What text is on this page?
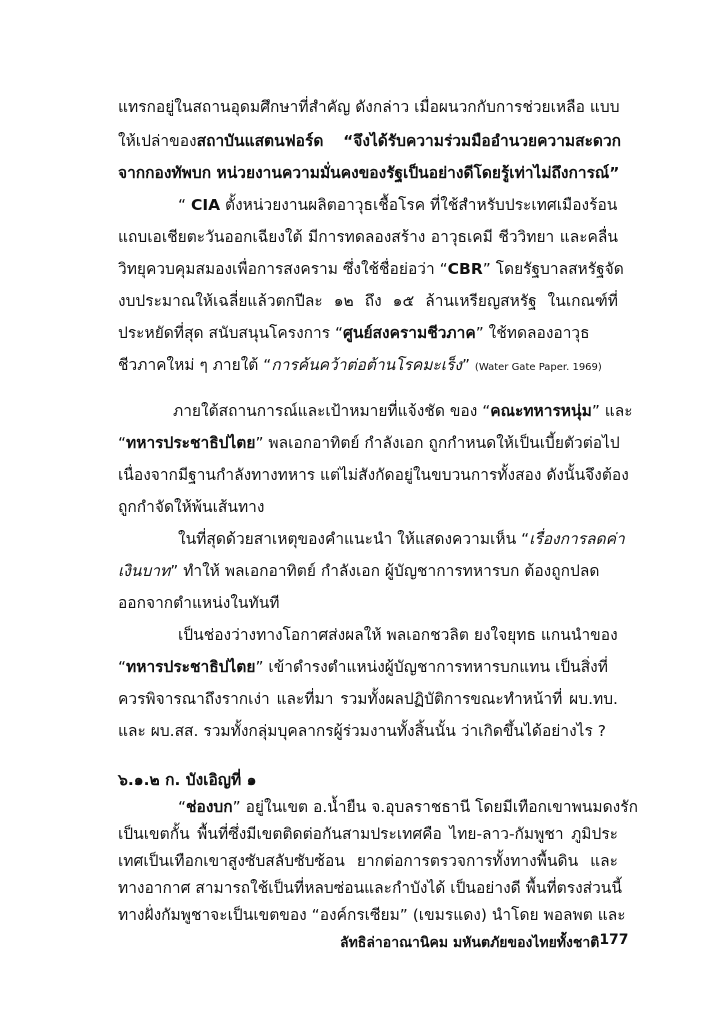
แทรกอยู่ในสถานอุดมศึกษาที่สำคัญ ดังกล่าว เมื่อผนวกกับการช่วยเหลือ แบบ
ให้เปล่าของสถาบันแสตนฟอร์ด “จึงได้รับความร่วมมืออำนวยความสะดวก
จากกองทัพบก หน่วยงานความมั่นคงของรัฐเป็นอย่างดีโดยรู้เท่าไม่ถึงการณ์”
“ CIA ตั้งหน่วยงานผลิตอาวุธเชื้อโรค ที่ใช้สำหรับประเทศเมืองร้อน
แถบเอเชียตะวันออกเฉียงใต้ มีการทดลองสร้าง อาวุธเคมี ชีววิทยา และคลื่น
วิทยุควบคุมสมองเพื่อการสงคราม ซึ่งใช้ชื่อย่อว่า “CBR” โดยรัฐบาลสหรัฐจัด
งบประมาณให้เฉลี่ยแล้วตกปีละ ๑๒ ถึง ๑๕ ล้านเหรียญสหรัฐ ในเกณฑ์ที่
ประหยัดที่สุด สนับสนุนโครงการ “ศูนย์สงครามชีวภาค” ใช้ทดลองอาวุธ
ชีวภาคใหม่ ๆ ภายใต้ “การค้นคว้าต่อต้านโรคมะเร็ง” (Water Gate Paper. 1969)
ภายใต้สถานการณ์และเป้าหมายที่แจ้งชัด ของ “คณะทหารหนุ่ม” และ
“ทหารประชาธิปไตย” พลเอกอาทิตย์ กำลังเอก ถูกกำหนดให้เป็นเบี้ยตัวต่อไป
เนื่องจากมีฐานกำลังทางทหาร แต่ไม่สังกัดอยู่ในขบวนการทั้งสอง ดังนั้นจึงต้อง
ถูกกำจัดให้พ้นเส้นทาง
ในที่สุดด้วยสาเหตุของคำแนะนำ ให้แสดงความเห็น “เรื่องการลดค่า
เงินบาท” ทำให้ พลเอกอาทิตย์ กำลังเอก ผู้บัญชาการทหารบก ต้องถูกปลด
ออกจากตำแหน่งในทันที
เป็นช่องว่างทางโอกาศส่งผลให้ พลเอกชวลิต ยงใจยุทธ แกนนำของ
“ทหารประชาธิปไตย” เข้าดำรงตำแหน่งผู้บัญชาการทหารบกแทน เป็นสิ่งที่
ควรพิจารณาถึงรากเง่า และที่มา รวมทั้งผลปฏิบัติการขณะทำหน้าที่ ผบ.ทบ.
และ ผบ.สส. รวมทั้งกลุ่มบุคลากรผู้ร่วมงานทั้งสิ้นนั้น ว่าเกิดขึ้นได้อย่างไร ?
๖.๑.๒ ก. บังเอิญที่ ๑
“ช่องบก” อยู่ในเขต อ.น้ำยืน จ.อุบลราชธานี โดยมีเทือกเขาพนมดงรัก
เป็นเขตกั้น พื้นที่ซึ่งมีเขตติดต่อกันสามประเทศคือ ไทย-ลาว-กัมพูชา ภูมิประ
เทศเป็นเทือกเขาสูงซับสลับซับซ้อน ยากต่อการตรวจการทั้งทางพื้นดิน และ
ทางอากาศ สามารถใช้เป็นที่หลบซ่อนและกำบังได้ เป็นอย่างดี พื้นที่ตรงส่วนนี้
ลัทธิล่าอาณานิคม มหันตภัยของไทยทั้งชาติ 177
ทางฝั่งกัมพูชาจะเป็นเขตของ “องค์กรเซียม” (เขมรแดง) นำโดย พอลพต และ
